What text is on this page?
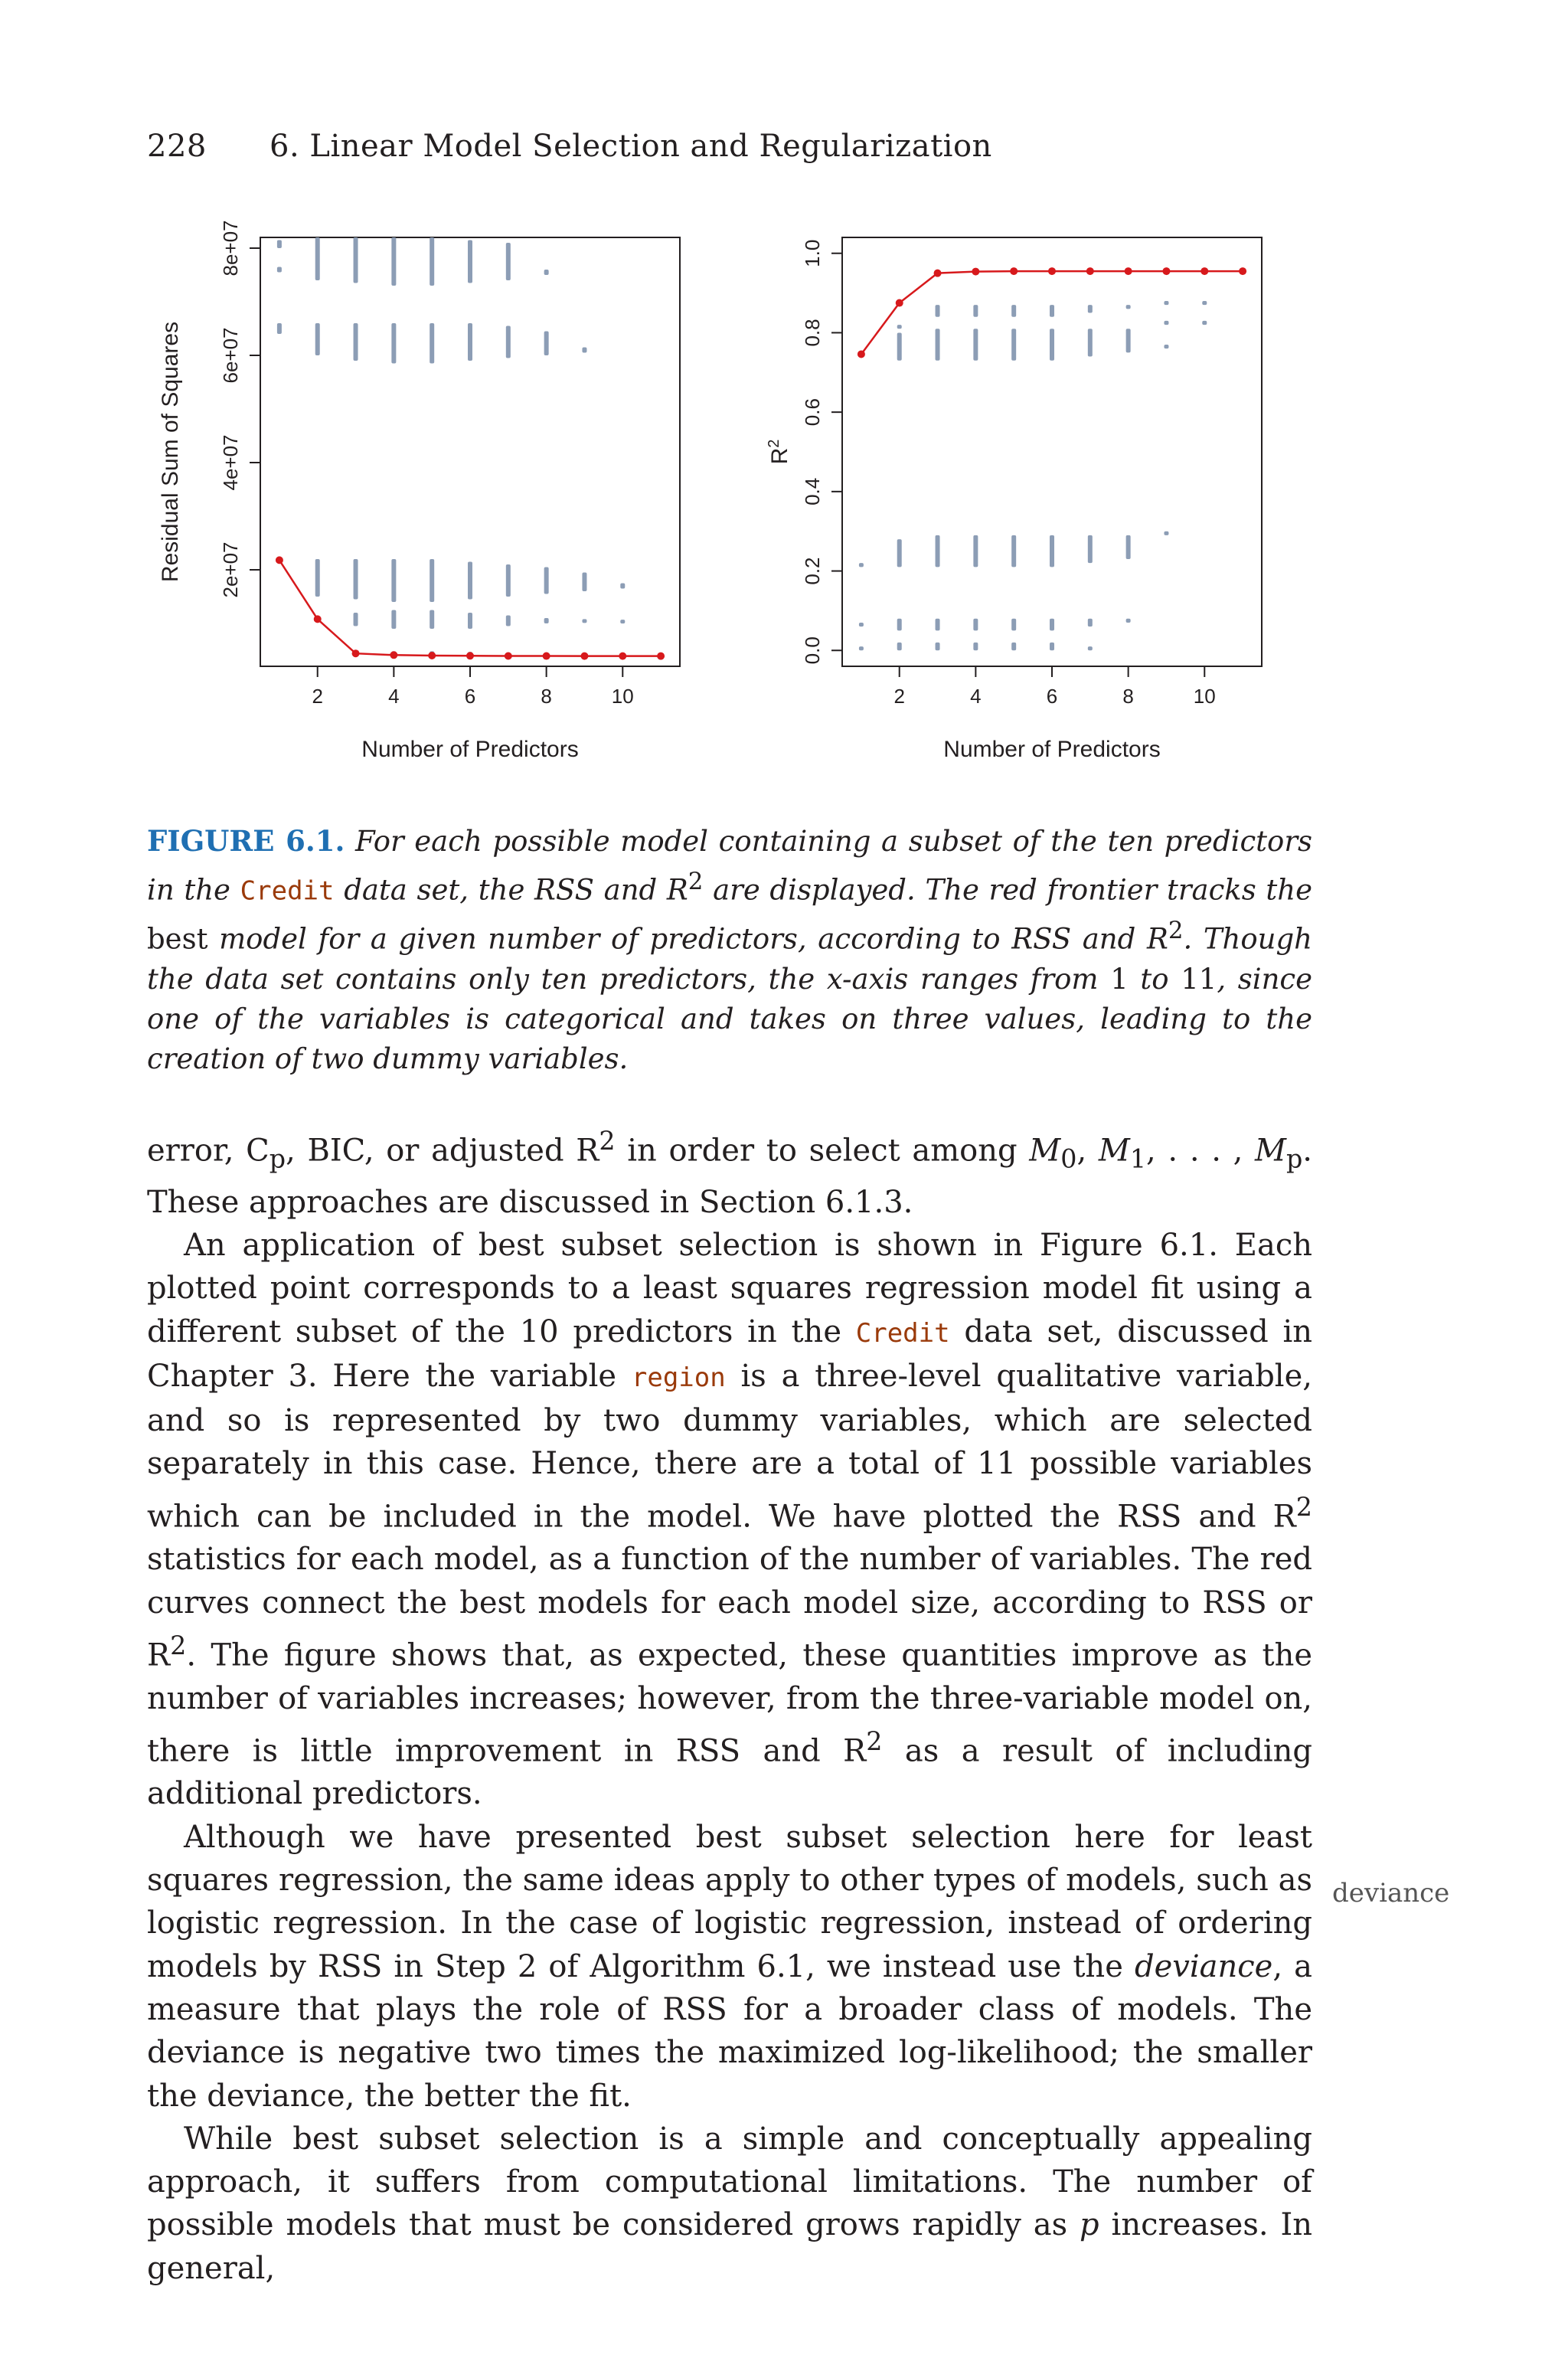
228 6. Linear Model Selection and Regularization
2	4	6	8	10
2e+07
4e+07
6e+07
8e+07
Number of Predictors
Residual Sum of Squares
2	4	6	8	10
0.0
0.2
0.4
0.6
0.8
1.0
Number of Predictors
$R^2$
FIGURE 6.1. For each possible model containing a subset of the ten predictors in the Credit data set, the RSS and $R^2$ are displayed. The red frontier tracks the best model for a given number of predictors, according to RSS and $R^2$. Though the data set contains only ten predictors, the x-axis ranges from 1 to 11, since one of the variables is categorical and takes on three values, leading to the creation of two dummy variables.

error, $C_p$, BIC, or adjusted $R^2$ in order to select among $M_0$, $M_1$, . . . , $M_p$. These approaches are discussed in Section 6.1.3.

An application of best subset selection is shown in Figure 6.1. Each plotted point corresponds to a least squares regression model fit using a different subset of the 10 predictors in the Credit data set, discussed in Chapter 3. Here the variable region is a three-level qualitative variable, and so is represented by two dummy variables, which are selected separately in this case. Hence, there are a total of 11 possible variables which can be included in the model. We have plotted the RSS and $R^2$ statistics for each model, as a function of the number of variables. The red curves connect the best models for each model size, according to RSS or $R^2$. The figure shows that, as expected, these quantities improve as the number of variables increases; however, from the three-variable model on, there is little improvement in RSS and $R^2$ as a result of including additional predictors.

Although we have presented best subset selection here for least squares regression, the same ideas apply to other types of models, such as logistic regression. In the case of logistic regression, instead of ordering models by RSS in Step 2 of Algorithm 6.1, we instead use the deviance, a measure that plays the role of RSS for a broader class of models. The deviance is negative two times the maximized log-likelihood; the smaller the deviance, the better the fit.

While best subset selection is a simple and conceptually appealing approach, it suffers from computational limitations. The number of possible models that must be considered grows rapidly as p increases. In general,

deviance
